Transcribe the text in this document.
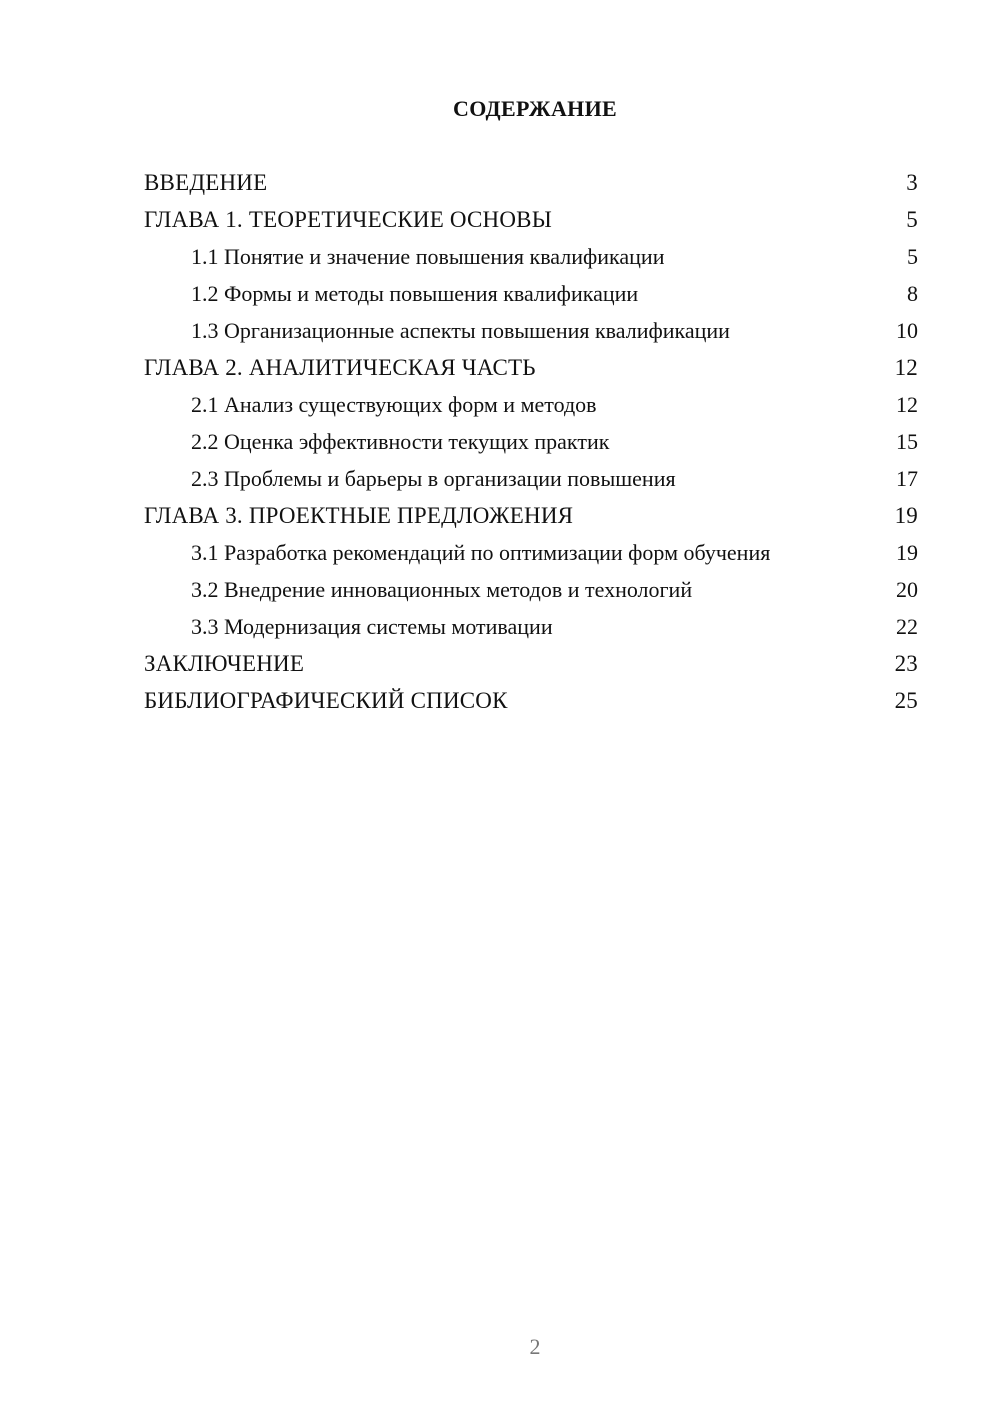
СОДЕРЖАНИЕ
ВВЕДЕНИЕ	3
ГЛАВА 1. ТЕОРЕТИЧЕСКИЕ ОСНОВЫ	5
1.1 Понятие и значение повышения квалификации	5
1.2 Формы и методы повышения квалификации	8
1.3 Организационные аспекты повышения квалификации	10
ГЛАВА 2. АНАЛИТИЧЕСКАЯ ЧАСТЬ	12
2.1 Анализ существующих форм и методов	12
2.2 Оценка эффективности текущих практик	15
2.3 Проблемы и барьеры в организации повышения	17
ГЛАВА 3. ПРОЕКТНЫЕ ПРЕДЛОЖЕНИЯ	19
3.1 Разработка рекомендаций по оптимизации форм обучения	19
3.2 Внедрение инновационных методов и технологий	20
3.3 Модернизация системы мотивации	22
ЗАКЛЮЧЕНИЕ	23
БИБЛИОГРАФИЧЕСКИЙ СПИСОК	25
2
